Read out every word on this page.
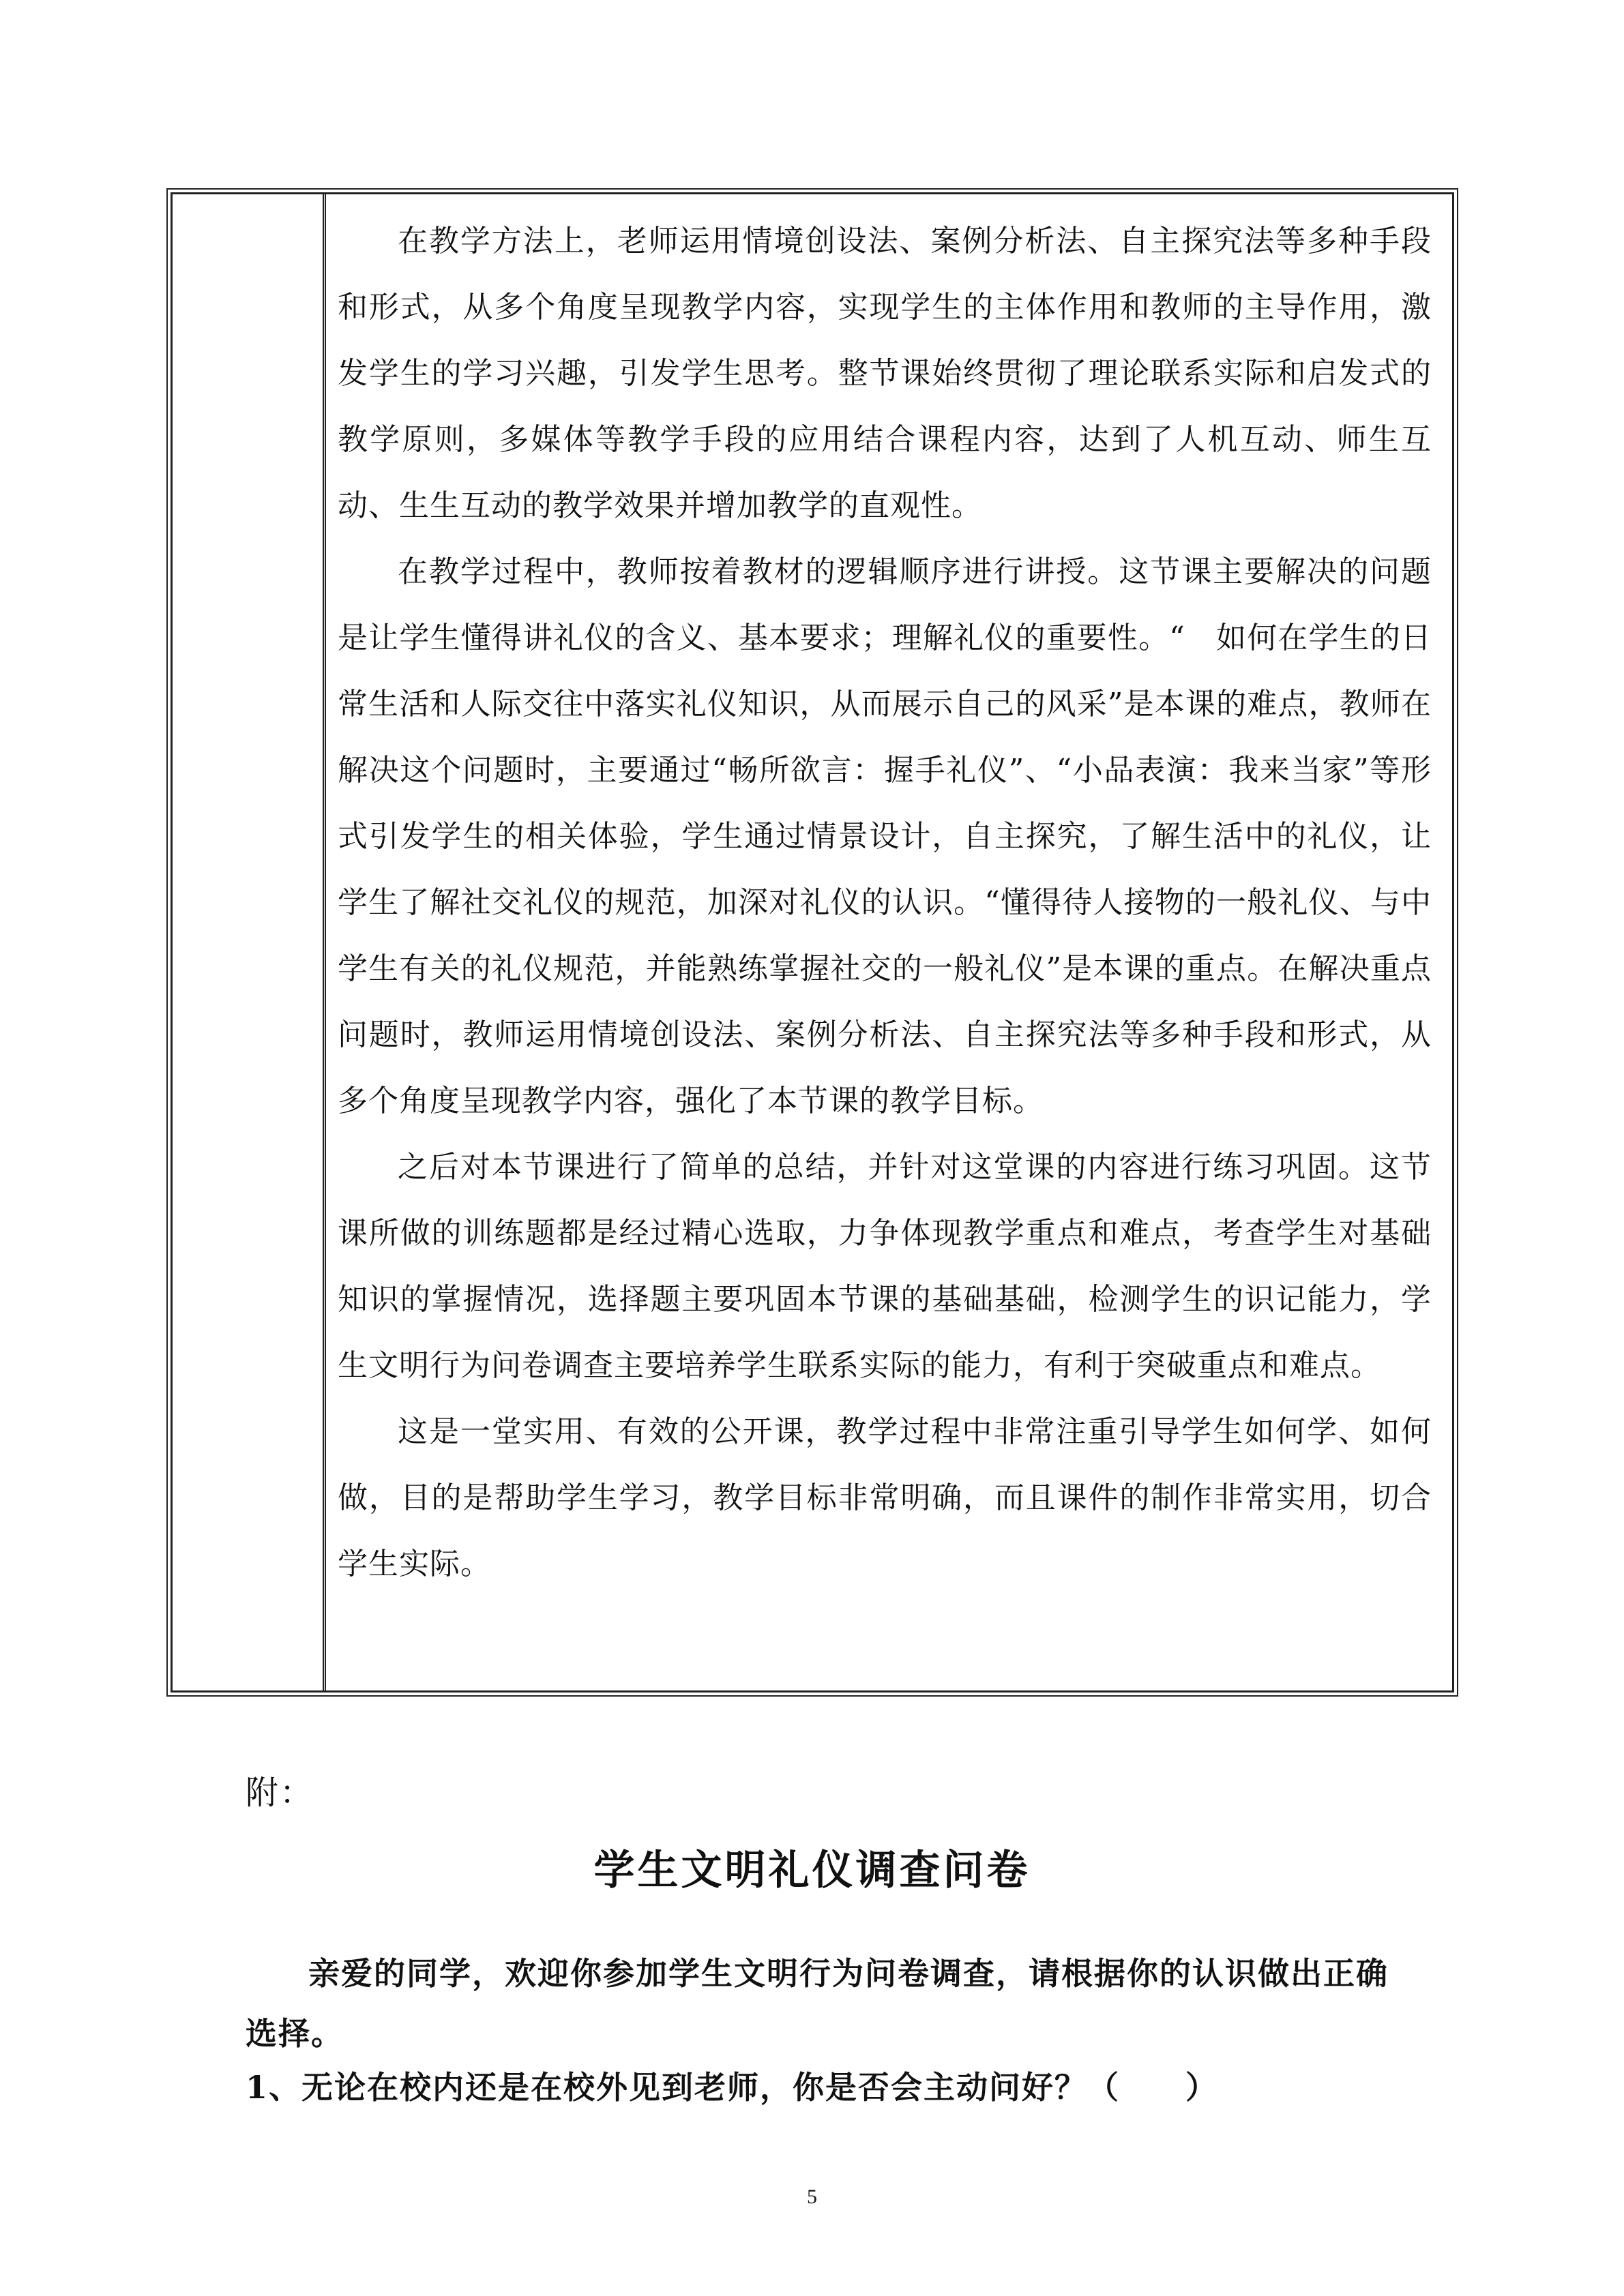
在教学方法上，老师运用情境创设法、案例分析法、自主探究法等多种手段和形式，从多个角度呈现教学内容，实现学生的主体作用和教师的主导作用，激发学生的学习兴趣，引发学生思考。整节课始终贯彻了理论联系实际和启发式的教学原则，多媒体等教学手段的应用结合课程内容，达到了人机互动、师生互动、生生互动的教学效果并增加教学的直观性。

在教学过程中，教师按着教材的逻辑顺序进行讲授。这节课主要解决的问题是让学生懂得讲礼仪的含义、基本要求；理解礼仪的重要性。“　如何在学生的日常生活和人际交往中落实礼仪知识，从而展示自己的风采”是本课的难点，教师在解决这个问题时，主要通过“畅所欲言：握手礼仪”、“小品表演：我来当家”等形式引发学生的相关体验，学生通过情景设计，自主探究，了解生活中的礼仪，让学生了解社交礼仪的规范，加深对礼仪的认识。“懂得待人接物的一般礼仪、与中学生有关的礼仪规范，并能熟练掌握社交的一般礼仪”是本课的重点。在解决重点问题时，教师运用情境创设法、案例分析法、自主探究法等多种手段和形式，从多个角度呈现教学内容，强化了本节课的教学目标。

之后对本节课进行了简单的总结，并针对这堂课的内容进行练习巩固。这节课所做的训练题都是经过精心选取，力争体现教学重点和难点，考查学生对基础知识的掌握情况，选择题主要巩固本节课的基础基础，检测学生的识记能力，学生文明行为问卷调查主要培养学生联系实际的能力，有利于突破重点和难点。

这是一堂实用、有效的公开课，教学过程中非常注重引导学生如何学、如何做，目的是帮助学生学习，教学目标非常明确，而且课件的制作非常实用，切合学生实际。

附：
学生文明礼仪调查问卷

亲爱的同学，欢迎你参加学生文明行为问卷调查，请根据你的认识做出正确选择。

1、无论在校内还是在校外见到老师，你是否会主动问好？（　　）
5
